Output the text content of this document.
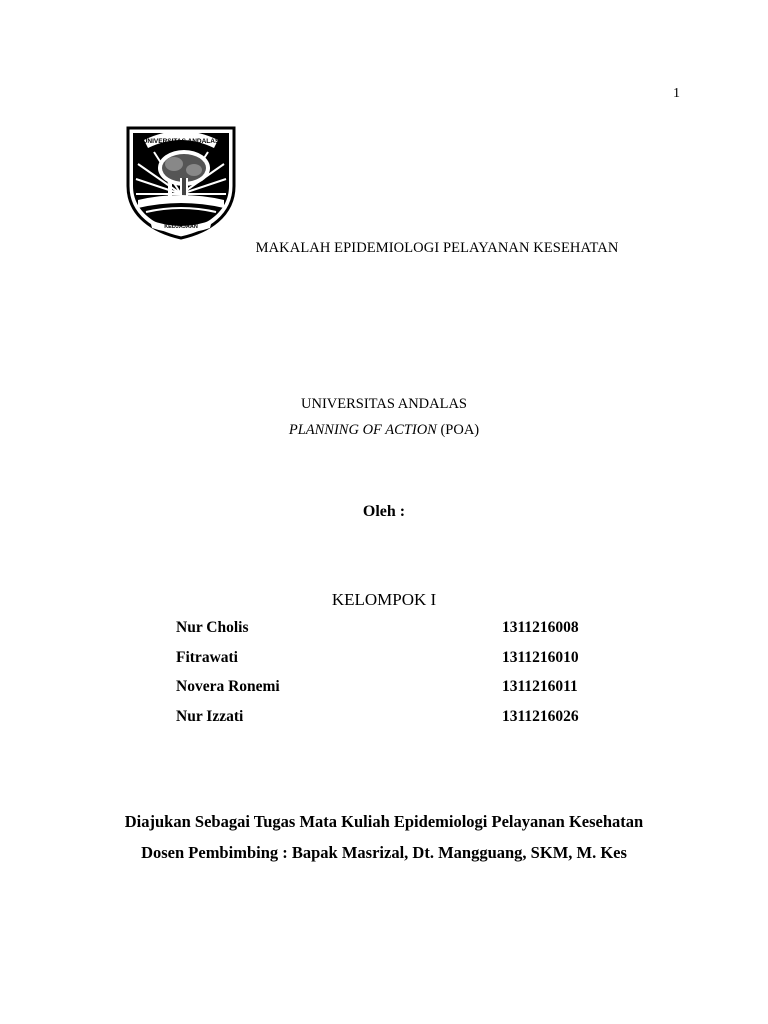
1
UNIVERSITAS ANDALAS
KEDJAJAAN
MAKALAH EPIDEMIOLOGI PELAYANAN KESEHATAN
UNIVERSITAS ANDALAS
PLANNING OF ACTION (POA)
Oleh :
KELOMPOK I
Nur Cholis	1311216008
Fitrawati	1311216010
Novera Ronemi	1311216011
Nur Izzati	1311216026
Diajukan Sebagai Tugas Mata Kuliah Epidemiologi Pelayanan Kesehatan
Dosen Pembimbing : Bapak Masrizal, Dt. Mangguang, SKM, M. Kes
